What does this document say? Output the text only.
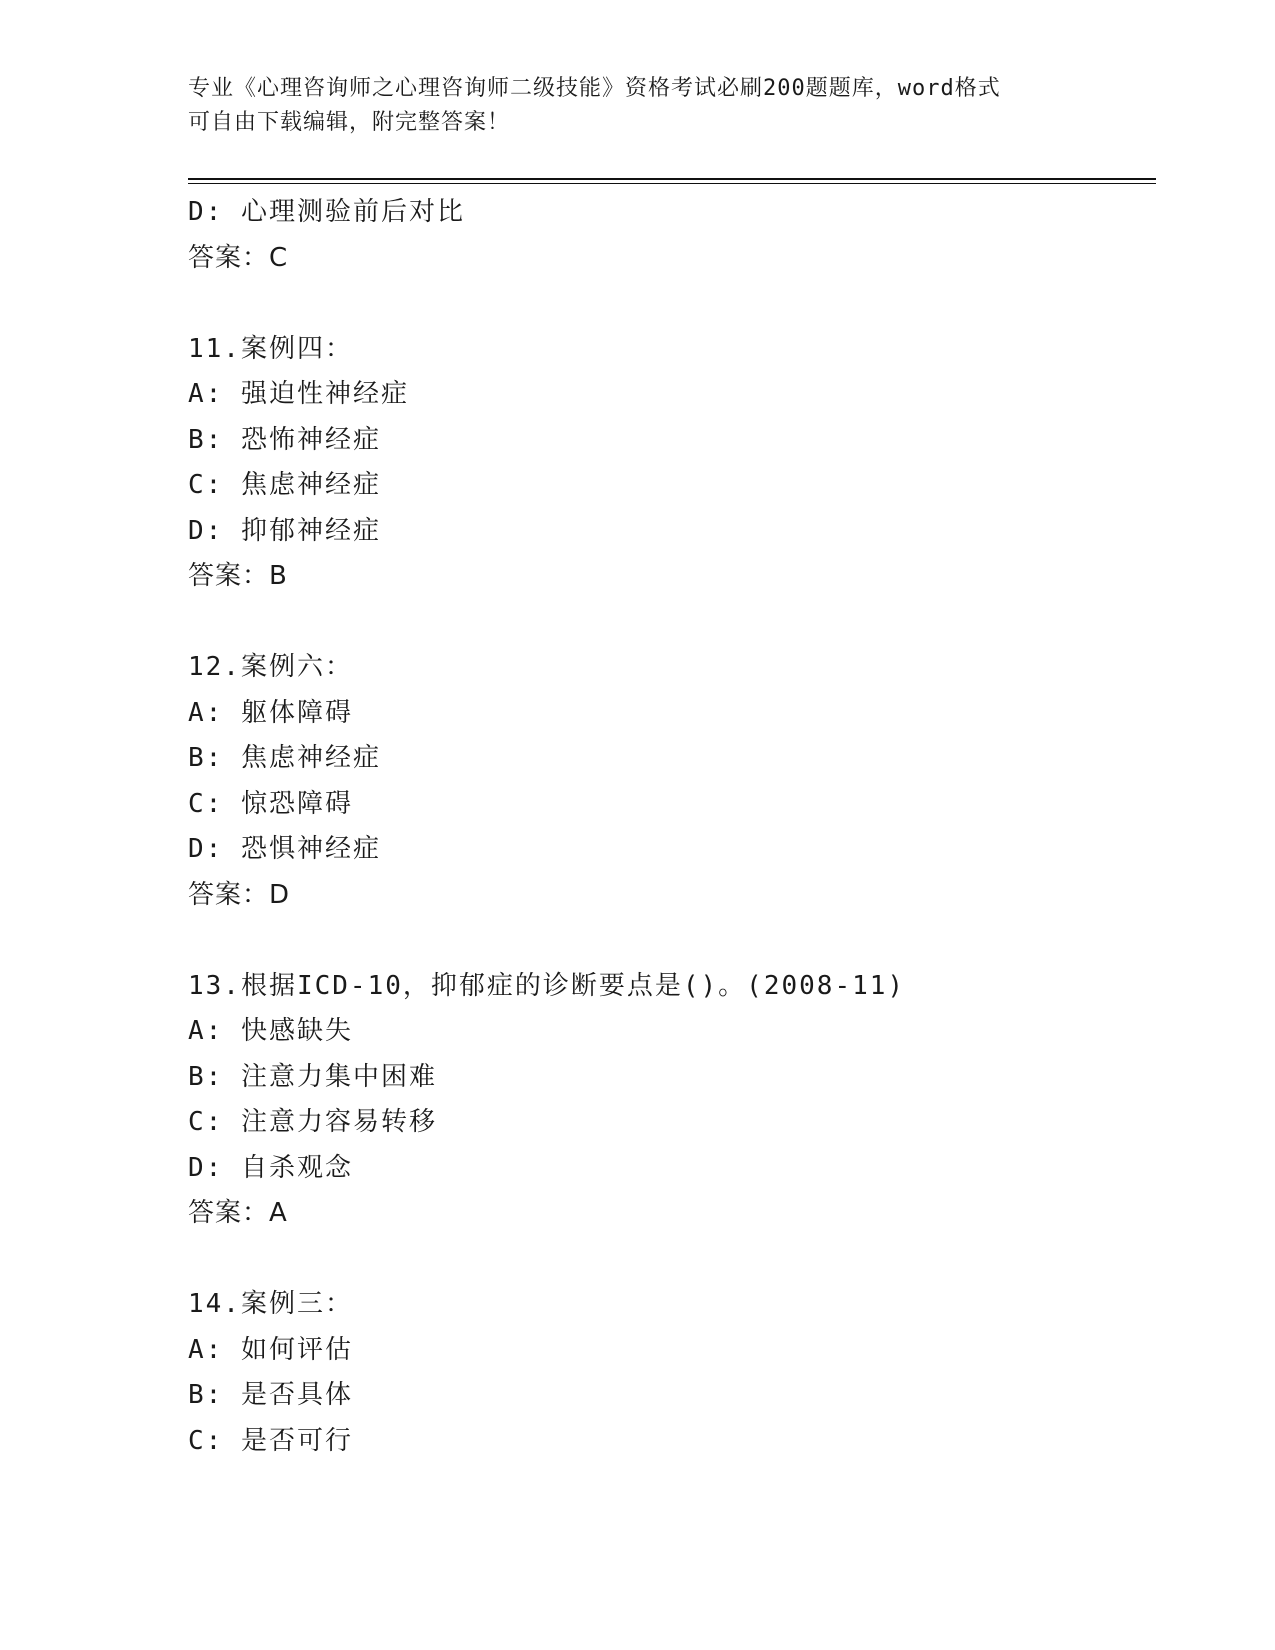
专业《心理咨询师之心理咨询师二级技能》资格考试必刷200题题库，word格式
可自由下载编辑，附完整答案！
D: 心理测验前后对比
答案：C
11.案例四：
A: 强迫性神经症
B: 恐怖神经症
C: 焦虑神经症
D: 抑郁神经症
答案：B
12.案例六：
A: 躯体障碍
B: 焦虑神经症
C: 惊恐障碍
D: 恐惧神经症
答案：D
13.根据ICD-10，抑郁症的诊断要点是()。(2008-11)
A: 快感缺失
B: 注意力集中困难
C: 注意力容易转移
D: 自杀观念
答案：A
14.案例三：
A: 如何评估
B: 是否具体
C: 是否可行
